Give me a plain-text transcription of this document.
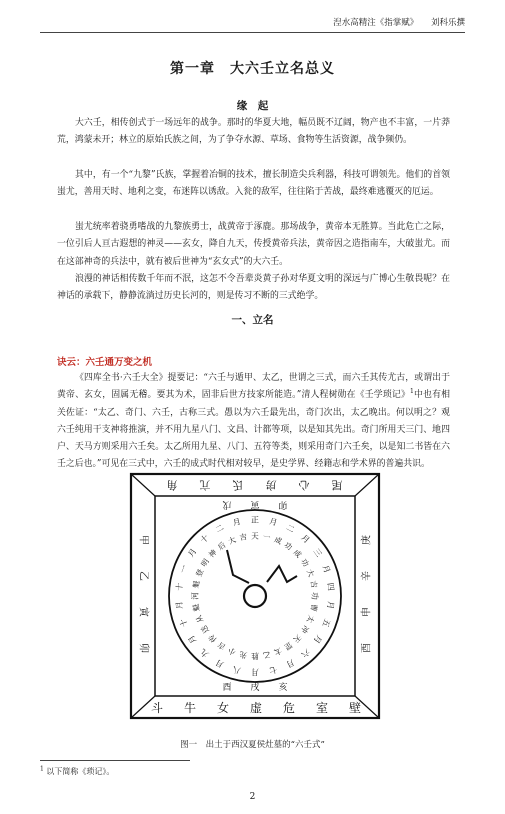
湼水高精注《指掌赋》 刘科乐撰
第一章　大六壬立名总义
缘　起

大六壬，相传创式于一场远年的战争。那时的华夏大地，幅员既不辽阔，物产也不丰富，一片莽荒，鸿蒙未开；林立的原始氏族之间，为了争夺水源、草场、食物等生活资源，战争频仍。

其中，有一个“九黎”氏族，掌握着冶铜的技术，擅长制造尖兵利器，科技可谓领先。他们的首领蚩尤，善用天时、地利之变，布迷阵以诱敌。入瓮的敌军，往往陷于苦战，最终难逃覆灭的厄运。

蚩尤统率着骁勇嗜战的九黎族勇士，战黄帝于涿鹿。那场战争，黄帝本无胜算。当此危亡之际，一位引后人亘古遐想的神灵——玄女，降自九天，传授黄帝兵法，黄帝因之造指南车，大破蚩尤。而在这部神奇的兵法中，就有被后世神为“玄女式”的大六壬。

浪漫的神话相传数千年而不泯，这怎不令吾辈炎黄子孙对华夏文明的深远与广博心生敬畏呢？在神话的承载下，静静流淌过历史长河的，则是传习不断的三式绝学。

一、立名
诀云：六壬通万变之机

《四库全书·六壬大全》提要记：“六壬与遁甲、太乙，世谓之三式，而六壬其传尤古，或谓出于黄帝、玄女，固属无稽。要其为术，固非后世方技家所能造。”清人程树勋在《壬学琐记》$^1$中也有相关佐证：“太乙、奇门、六壬，古称三式。愚以为六壬最先出，奇门次出，太乙晚出。何以明之？观六壬纯用干支神将推演，并不用九星八门、文昌、计都等项，以是知其先出。奇门所用天三门、地四户、天马方则采用六壬矣。太乙所用九星、八门、五符等类，则采用奇门六壬矣，以是知二书皆在六壬之后也。”可见在三式中，六壬的成式时代相对较早，是史学界、经籍志和学术界的普遍共识。

斗 牛 女 虚 危 室 壁
角 亢 氐 房 心 尾
戊 寅 卯
酉 戌 亥
甲
乙
寅
卯
庚
辛
申
酉
正 月
二
月
三
月
四
月
五
月
六
月
七
月
八
月
九
月
十
月
十
一
月
十
二
月
天 一 成 功
成
功
大
吉
功
曹
太
冲
天
罡
太
乙
胜
先
小
吉
传
送
从
魁
河
魁
登
明
神
后 大 吉
图一　出土于西汉夏侯灶墓的“六壬式”
$^1$ 以下简称《琐记》。
2
